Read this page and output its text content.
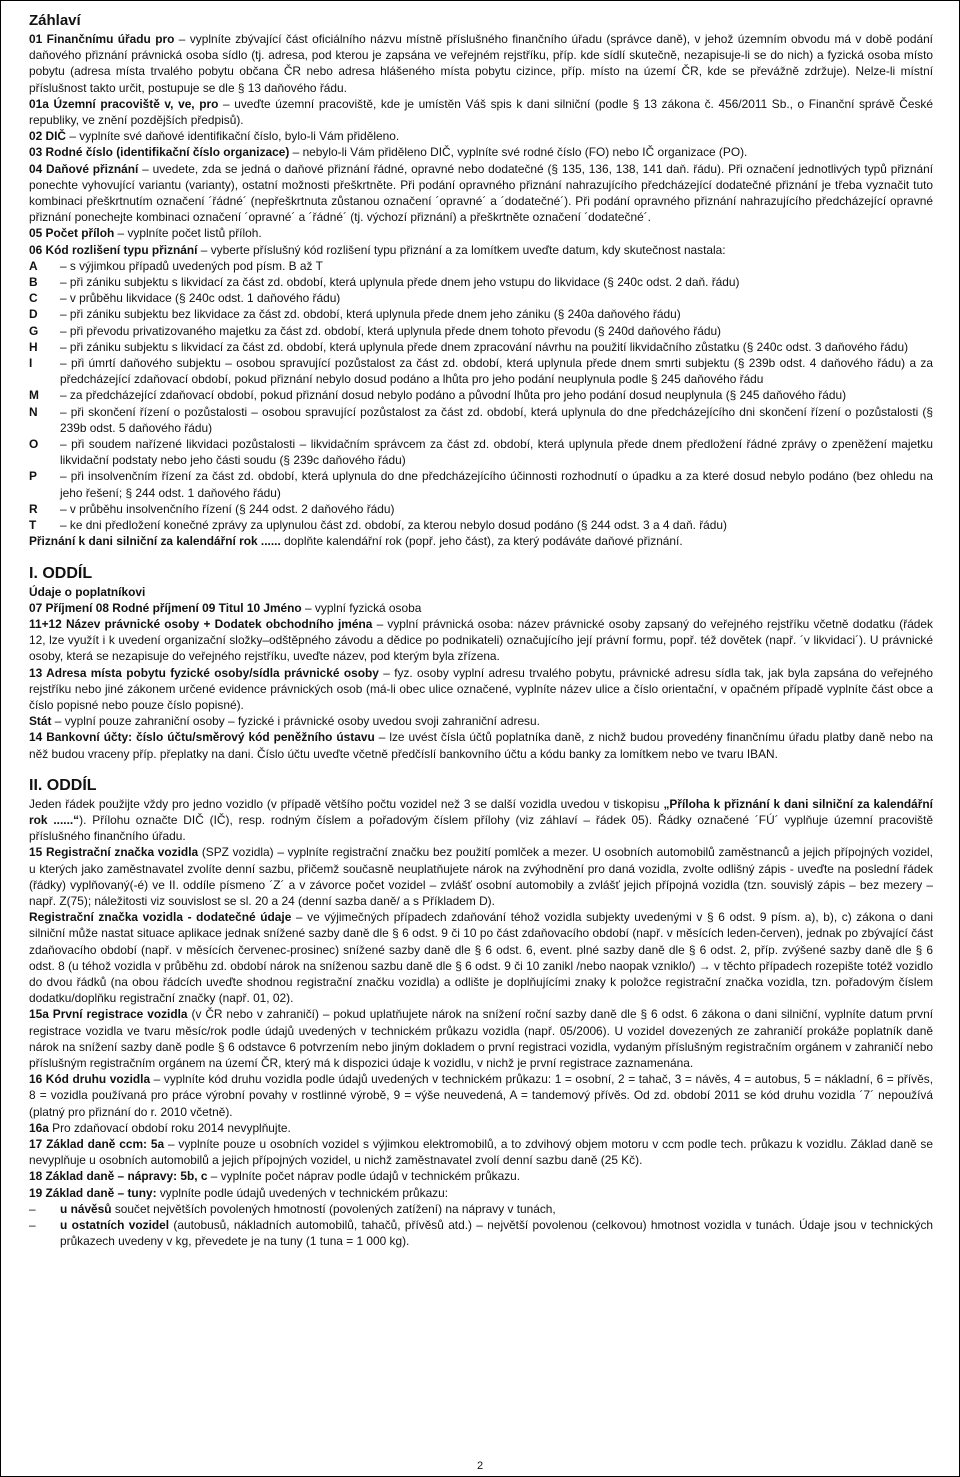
Záhlaví

01 Finančnímu úřadu pro – vyplníte zbývající část oficiálního názvu místně příslušného finančního úřadu (správce daně), v jehož územním obvodu má v době podání daňového přiznání právnická osoba sídlo (tj. adresa, pod kterou je zapsána ve veřejném rejstříku, příp. kde sídlí skutečně, nezapisuje-li se do nich) a fyzická osoba místo pobytu (adresa místa trvalého pobytu občana ČR nebo adresa hlášeného místa pobytu cizince, příp. místo na území ČR, kde se převážně zdržuje). Nelze-li místní příslušnost takto určit, postupuje se dle § 13 daňového řádu.

01a Územní pracoviště v, ve, pro – uveďte územní pracoviště, kde je umístěn Váš spis k dani silniční (podle § 13 zákona č. 456/2011 Sb., o Finanční správě České republiky, ve znění pozdějších předpisů).

02 DIČ – vyplníte své daňové identifikační číslo, bylo-li Vám přiděleno.

03 Rodné číslo (identifikační číslo organizace) – nebylo-li Vám přiděleno DIČ, vyplníte své rodné číslo (FO) nebo IČ organizace (PO).

04 Daňové přiznání – uvedete, zda se jedná o daňové přiznání řádné, opravné nebo dodatečné (§ 135, 136, 138, 141 daň. řádu). Při označení jednotlivých typů přiznání ponechte vyhovující variantu (varianty), ostatní možnosti přeškrtněte. Při podání opravného přiznání nahrazujícího předcházející dodatečné přiznání je třeba vyznačit tuto kombinaci přeškrtnutím označení ´řádné´ (nepřeškrtnuta zůstanou označení ´opravné´ a ´dodatečné´). Při podání opravného přiznání nahrazujícího předcházející opravné přiznání ponechejte kombinaci označení ´opravné´ a ´řádné´ (tj. výchozí přiznání) a přeškrtněte označení ´dodatečné´.

05 Počet příloh – vyplníte počet listů příloh.

06 Kód rozlišení typu přiznání – vyberte příslušný kód rozlišení typu přiznání a za lomítkem uveďte datum, kdy skutečnost nastala:

A	– s výjimkou případů uvedených pod písm. B až T
B	– při zániku subjektu s likvidací za část zd. období, která uplynula přede dnem jeho vstupu do likvidace (§ 240c odst. 2 daň. řádu)
C	– v průběhu likvidace (§ 240c odst. 1 daňového řádu)
D	– při zániku subjektu bez likvidace za část zd. období, která uplynula přede dnem jeho zániku (§ 240a daňového řádu)
G	– při převodu privatizovaného majetku za část zd. období, která uplynula přede dnem tohoto převodu (§ 240d daňového řádu)
H	– při zániku subjektu s likvidací za část zd. období, která uplynula přede dnem zpracování návrhu na použití likvidačního zůstatku (§ 240c odst. 3 daňového řádu)
I	– při úmrtí daňového subjektu – osobou spravující pozůstalost za část zd. období, která uplynula přede dnem smrti subjektu (§ 239b odst. 4 daňového řádu) a za předcházející zdaňovací období, pokud přiznání nebylo dosud podáno a lhůta pro jeho podání neuplynula podle § 245 daňového řádu
M	– za předcházející zdaňovací období, pokud přiznání dosud nebylo podáno a původní lhůta pro jeho podání dosud neuplynula (§ 245 daňového řádu)
N	– při skončení řízení o pozůstalosti – osobou spravující pozůstalost za část zd. období, která uplynula do dne předcházejícího dni skončení řízení o pozůstalosti (§ 239b odst. 5 daňového řádu)
O	– při soudem nařízené likvidaci pozůstalosti – likvidačním správcem za část zd. období, která uplynula přede dnem předložení řádné zprávy o zpeněžení majetku likvidační podstaty nebo jeho části soudu (§ 239c daňového řádu)
P	– při insolvenčním řízení za část zd. období, která uplynula do dne předcházejícího účinnosti rozhodnutí o úpadku a za které dosud nebylo podáno (bez ohledu na jeho řešení; § 244 odst. 1 daňového řádu)
R	– v průběhu insolvenčního řízení (§ 244 odst. 2 daňového řádu)
T	– ke dni předložení konečné zprávy za uplynulou část zd. období, za kterou nebylo dosud podáno (§ 244 odst. 3 a 4 daň. řádu)

Přiznání k dani silniční za kalendářní rok ...... doplňte kalendářní rok (popř. jeho část), za který podáváte daňové přiznání.

I. ODDÍL

Údaje o poplatníkovi

07 Příjmení 08 Rodné příjmení 09 Titul 10 Jméno – vyplní fyzická osoba

11+12 Název právnické osoby + Dodatek obchodního jména – vyplní právnická osoba: název právnické osoby zapsaný do veřejného rejstříku včetně dodatku (řádek 12, lze využít i k uvedení organizační složky–odštěpného závodu a dědice po podnikateli) označujícího její právní formu, popř. též dovětek (např. ´v likvidaci´). U právnické osoby, která se nezapisuje do veřejného rejstříku, uveďte název, pod kterým byla zřízena.

13 Adresa místa pobytu fyzické osoby/sídla právnické osoby – fyz. osoby vyplní adresu trvalého pobytu, právnické adresu sídla tak, jak byla zapsána do veřejného rejstříku nebo jiné zákonem určené evidence právnických osob (má-li obec ulice označené, vyplníte název ulice a číslo orientační, v opačném případě vyplníte část obce a číslo popisné nebo pouze číslo popisné).

Stát – vyplní pouze zahraniční osoby – fyzické i právnické osoby uvedou svoji zahraniční adresu.

14 Bankovní účty: číslo účtu/směrový kód peněžního ústavu – lze uvést čísla účtů poplatníka daně, z nichž budou provedény finančnímu úřadu platby daně nebo na něž budou vraceny příp. přeplatky na dani. Číslo účtu uveďte včetně předčíslí bankovního účtu a kódu banky za lomítkem nebo ve tvaru IBAN.

II. ODDÍL

Jeden řádek použijte vždy pro jedno vozidlo (v případě většího počtu vozidel než 3 se další vozidla uvedou v tiskopisu „Příloha k přiznání k dani silniční za kalendářní rok ......“). Přílohu označte DIČ (IČ), resp. rodným číslem a pořadovým číslem přílohy (viz záhlaví – řádek 05). Řádky označené ´FÚ´ vyplňuje územní pracoviště příslušného finančního úřadu.

15 Registrační značka vozidla (SPZ vozidla) – vyplníte registrační značku bez použití pomlček a mezer. U osobních automobilů zaměstnanců a jejich přípojných vozidel, u kterých jako zaměstnavatel zvolíte denní sazbu, přičemž současně neuplatňujete nárok na zvýhodnění pro daná vozidla, zvolte odlišný zápis - uveďte na poslední řádek (řádky) vyplňovaný(-é) ve II. oddíle písmeno ´Z´ a v závorce počet vozidel – zvlášť osobní automobily a zvlášť jejich přípojná vozidla (tzn. souvislý zápis – bez mezery – např. Z(75); náležitosti viz souvislost se sl. 20 a 24 (denní sazba daně/ a s Příkladem D).

Registrační značka vozidla - dodatečné údaje – ve výjimečných případech zdaňování téhož vozidla subjekty uvedenými v § 6 odst. 9 písm. a), b), c) zákona o dani silniční může nastat situace aplikace jednak snížené sazby daně dle § 6 odst. 9 či 10 po část zdaňovacího období (např. v měsících leden-červen), jednak po zbývající část zdaňovacího období (např. v měsících červenec-prosinec) snížené sazby daně dle § 6 odst. 6, event. plné sazby daně dle § 6 odst. 2, příp. zvýšené sazby daně dle § 6 odst. 8 (u téhož vozidla v průběhu zd. období nárok na sníženou sazbu daně dle § 6 odst. 9 či 10 zanikl /nebo naopak vzniklo/) → v těchto případech rozepište totéž vozidlo do dvou řádků (na obou řádcích uveďte shodnou registrační značku vozidla) a odlište je doplňujícími znaky k položce registrační značka vozidla, tzn. pořadovým číslem dodatku/doplňku registrační značky (např. 01, 02).

15a První registrace vozidla (v ČR nebo v zahraničí) – pokud uplatňujete nárok na snížení roční sazby daně dle § 6 odst. 6 zákona o dani silniční, vyplníte datum první registrace vozidla ve tvaru měsíc/rok podle údajů uvedených v technickém průkazu vozidla (např. 05/2006). U vozidel dovezených ze zahraničí prokáže poplatník daně nárok na snížení sazby daně podle § 6 odstavce 6 potvrzením nebo jiným dokladem o první registraci vozidla, vydaným příslušným registračním orgánem v zahraničí nebo příslušným registračním orgánem na území ČR, který má k dispozici údaje k vozidlu, v nichž je první registrace zaznamenána.

16 Kód druhu vozidla – vyplníte kód druhu vozidla podle údajů uvedených v technickém průkazu: 1 = osobní, 2 = tahač, 3 = návěs, 4 = autobus, 5 = nákladní, 6 = přívěs, 8 = vozidla používaná pro práce výrobní povahy v rostlinné výrobě, 9 = výše neuvedená, A = tandemový přívěs. Od zd. období 2011 se kód druhu vozidla ´7´ nepoužívá (platný pro přiznání do r. 2010 včetně).

16a Pro zdaňovací období roku 2014 nevyplňujte.

17 Základ daně ccm: 5a – vyplníte pouze u osobních vozidel s výjimkou elektromobilů, a to zdvihový objem motoru v ccm podle tech. průkazu k vozidlu. Základ daně se nevyplňuje u osobních automobilů a jejich přípojných vozidel, u nichž zaměstnavatel zvolí denní sazbu daně (25 Kč).

18 Základ daně – nápravy: 5b, c – vyplníte počet náprav podle údajů v technickém průkazu.

19 Základ daně – tuny: vyplníte podle údajů uvedených v technickém průkazu:

–	u návěsů součet největších povolených hmotností (povolených zatížení) na nápravy v tunách,
–	u ostatních vozidel (autobusů, nákladních automobilů, tahačů, přívěsů atd.) – největší povolenou (celkovou) hmotnost vozidla v tunách. Údaje jsou v technických průkazech uvedeny v kg, převedete je na tuny (1 tuna = 1 000 kg).
2
